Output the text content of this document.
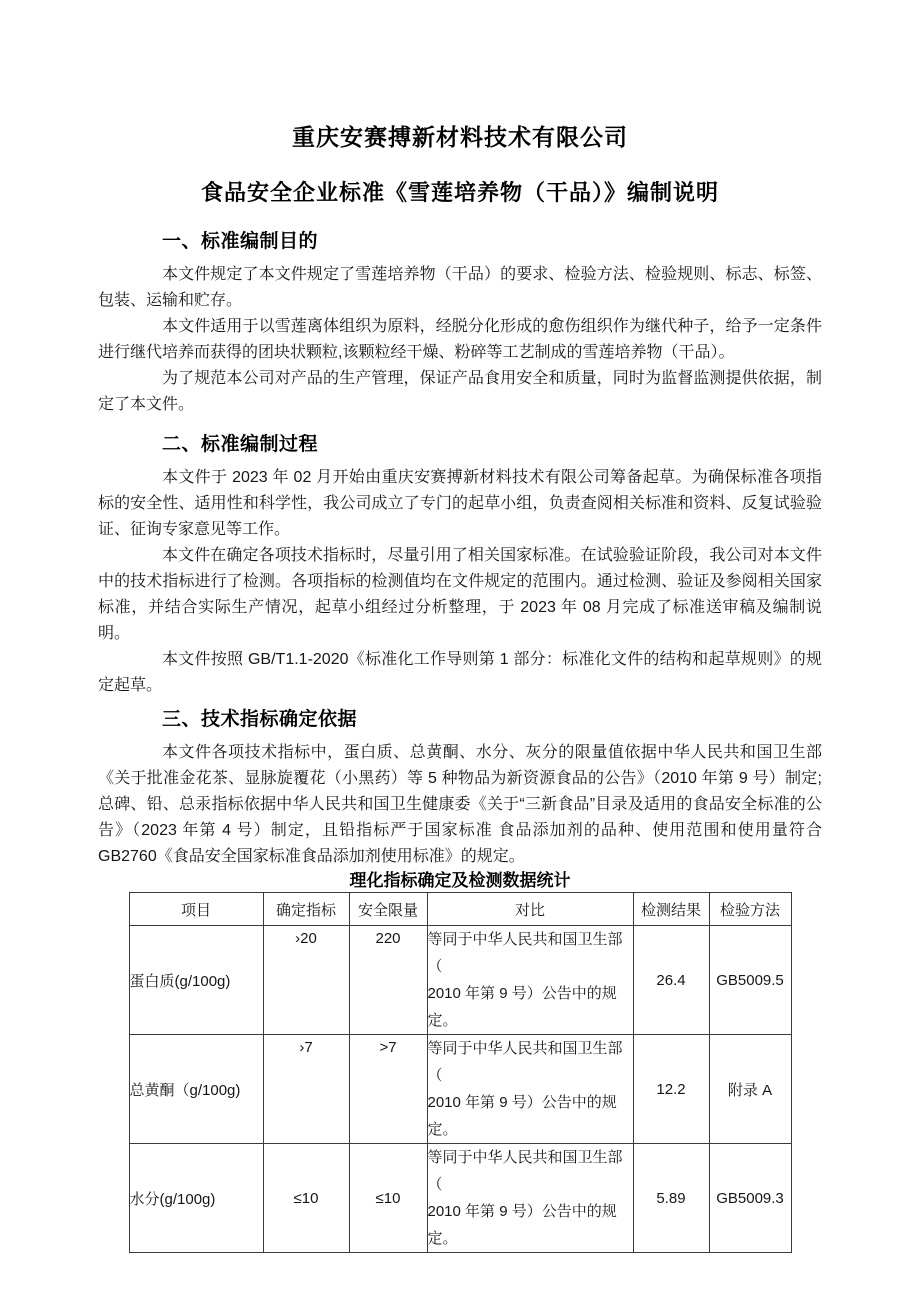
重庆安赛搏新材料技术有限公司
食品安全企业标准《雪莲培养物（干品）》编制说明
一、标准编制目的

本文件规定了本文件规定了雪莲培养物（干品）的要求、检验方法、检验规则、标志、标签、包装、运输和贮存。

本文件适用于以雪莲离体组织为原料，经脱分化形成的愈伤组织作为继代种子，给予一定条件进行继代培养而获得的团块状颗粒,该颗粒经干燥、粉碎等工艺制成的雪莲培养物（干品）。

为了规范本公司对产品的生产管理，保证产品食用安全和质量，同时为监督监测提供依据，制定了本文件。

二、标准编制过程

本文件于 2023 年 02 月开始由重庆安赛搏新材料技术有限公司筹备起草。为确保标准各项指标的安全性、适用性和科学性，我公司成立了专门的起草小组，负责查阅相关标准和资料、反复试验验证、征询专家意见等工作。

本文件在确定各项技术指标时，尽量引用了相关国家标准。在试验验证阶段，我公司对本文件中的技术指标进行了检测。各项指标的检测值均在文件规定的范围内。通过检测、验证及参阅相关国家标准，并结合实际生产情况，起草小组经过分析整理，于 2023 年 08 月完成了标准送审稿及编制说明。

本文件按照 GB/T1.1-2020《标准化工作导则第 1 部分：标准化文件的结构和起草规则》的规定起草。

三、技术指标确定依据

本文件各项技术指标中，蛋白质、总黄酮、水分、灰分的限量值依据中华人民共和国卫生部《关于批准金花茶、显脉旋覆花（小黑药）等 5 种物品为新资源食品的公告》（2010 年第 9 号）制定; 总碑、铅、总汞指标依据中华人民共和国卫生健康委《关于“三新食品”目录及适用的食品安全标准的公告》（2023 年第 4 号）制定，且铅指标严于国家标准 食品添加剂的品种、使用范围和使用量符合 GB2760《食品安全国家标准食品添加剂使用标准》的规定。

理化指标确定及检测数据统计
项目	确定指标	安全限量	对比	检测结果	检验方法
蛋白质(g/100g)	›20	220	等同于中华人民共和国卫生部（
2010 年第 9 号）公告中的规定。	26.4	GB5009.5
总黄酮（g/100g)	›7	>7	等同于中华人民共和国卫生部（
2010 年第 9 号）公告中的规定。	12.2	附录 A
水分(g/100g)	≤10	≤10	等同于中华人民共和国卫生部（
2010 年第 9 号）公告中的规定。	5.89	GB5009.3
